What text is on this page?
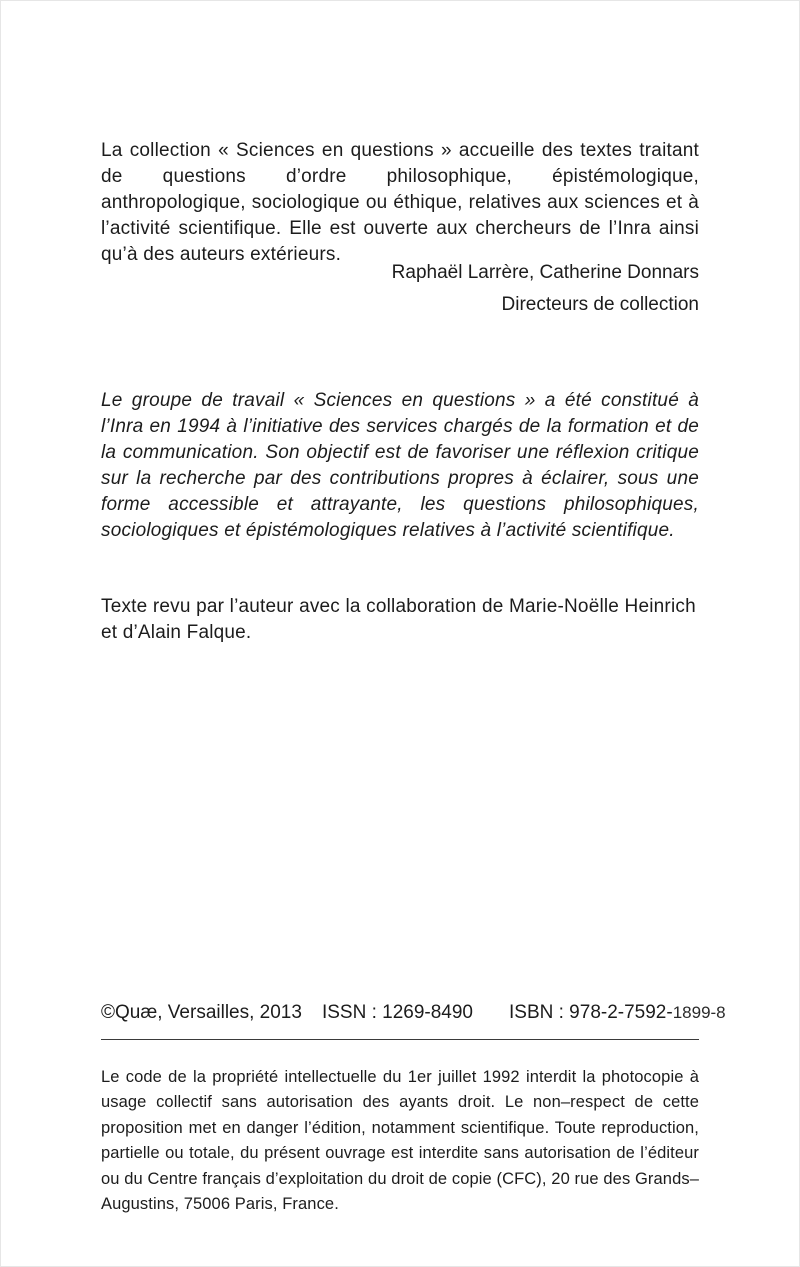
La collection « Sciences en questions » accueille des textes traitant de questions d’ordre philosophique, épistémologique, anthropologique, sociologique ou éthique, relatives aux sciences et à l’activité scientifique. Elle est ouverte aux chercheurs de l’Inra ainsi qu’à des auteurs extérieurs.

Raphaël Larrère, Catherine Donnars
Directeurs de collection

Le groupe de travail « Sciences en questions » a été constitué à l’Inra en 1994 à l’initiative des services chargés de la formation et de la communication. Son objectif est de favoriser une réflexion critique sur la recherche par des contributions propres à éclairer, sous une forme accessible et attrayante, les questions philosophiques, sociologiques et épistémologiques relatives à l’activité scientifique.

Texte revu par l’auteur avec la collaboration de Marie-Noëlle Heinrich et d’Alain Falque.

©Quæ, Versailles, 2013 ISSN : 1269-8490 ISBN : 978-2-7592-1899-8

Le code de la propriété intellectuelle du 1er juillet 1992 interdit la photocopie à usage collectif sans autorisation des ayants droit. Le non–respect de cette proposition met en danger l’édition, notamment scientifique. Toute reproduction, partielle ou totale, du présent ouvrage est interdite sans autorisation de l’éditeur ou du Centre français d’exploitation du droit de copie (CFC), 20 rue des Grands–Augustins, 75006 Paris, France.
